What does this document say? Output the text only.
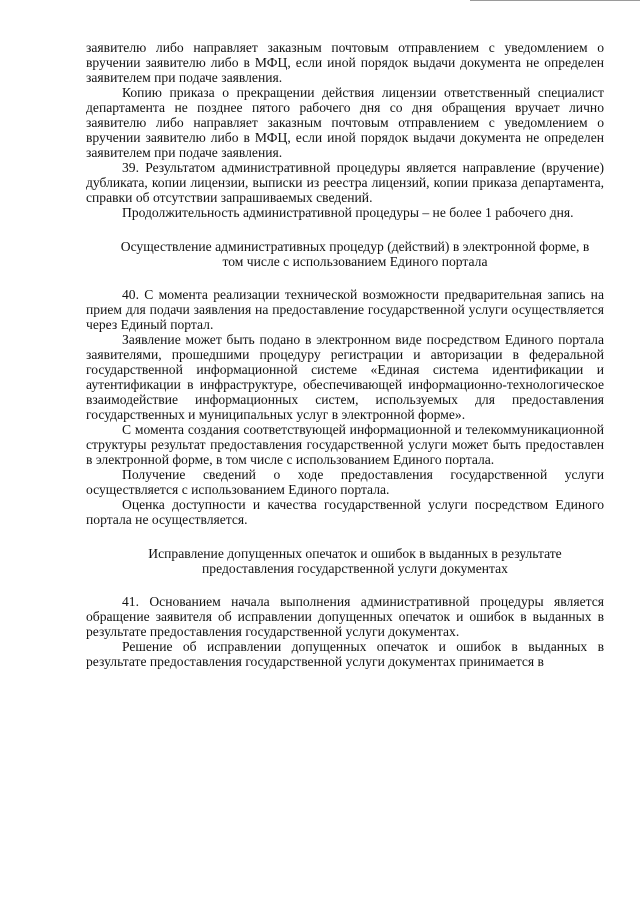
заявителю либо направляет заказным почтовым отправлением с уведомлением о вручении заявителю либо в МФЦ, если иной порядок выдачи документа не определен заявителем при подаче заявления.

Копию приказа о прекращении действия лицензии ответственный специалист департамента не позднее пятого рабочего дня со дня обращения вручает лично заявителю либо направляет заказным почтовым отправлением с уведомлением о вручении заявителю либо в МФЦ, если иной порядок выдачи документа не определен заявителем при подаче заявления.

39. Результатом административной процедуры является направление (вручение) дубликата, копии лицензии, выписки из реестра лицензий, копии приказа департамента, справки об отсутствии запрашиваемых сведений.

Продолжительность административной процедуры – не более 1 рабочего дня.

Осуществление административных процедур (действий) в электронной форме, в том числе с использованием Единого портала

40. С момента реализации технической возможности предварительная запись на прием для подачи заявления на предоставление государственной услуги осуществляется через Единый портал.

Заявление может быть подано в электронном виде посредством Единого портала заявителями, прошедшими процедуру регистрации и авторизации в федеральной государственной информационной системе «Единая система идентификации и аутентификации в инфраструктуре, обеспечивающей информационно-технологическое взаимодействие информационных систем, используемых для предоставления государственных и муниципальных услуг в электронной форме».

С момента создания соответствующей информационной и телекоммуникационной структуры результат предоставления государственной услуги может быть предоставлен в электронной форме, в том числе с использованием Единого портала.

Получение сведений о ходе предоставления государственной услуги осуществляется с использованием Единого портала.

Оценка доступности и качества государственной услуги посредством Единого портала не осуществляется.

Исправление допущенных опечаток и ошибок в выданных в результате предоставления государственной услуги документах

41. Основанием начала выполнения административной процедуры является обращение заявителя об исправлении допущенных опечаток и ошибок в выданных в результате предоставления государственной услуги документах.

Решение об исправлении допущенных опечаток и ошибок в выданных в результате предоставления государственной услуги документах принимается в
